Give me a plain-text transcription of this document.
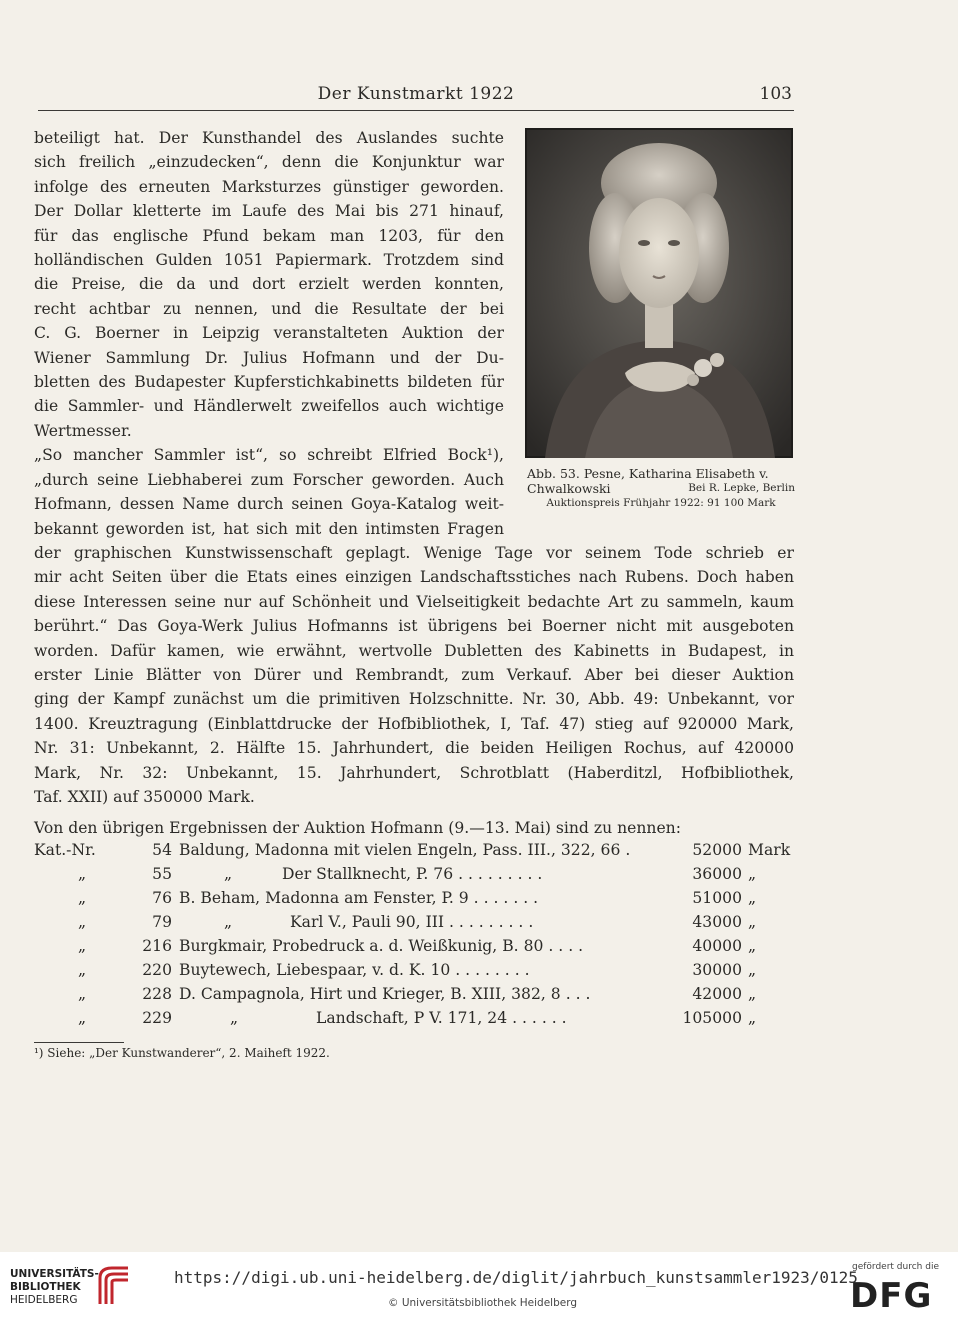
Der Kunstmarkt 1922	103
beteiligt hat. Der Kunsthandel des Auslandes suchte
sich freilich „einzudecken“, denn die Konjunktur war
infolge des erneuten Marksturzes günstiger geworden.
Der Dollar kletterte im Laufe des Mai bis 271 hinauf,
für das englische Pfund bekam man 1203, für den
holländischen Gulden 1051 Papiermark. Trotzdem sind
die Preise, die da und dort erzielt werden konnten,
recht achtbar zu nennen, und die Resultate der bei
C. G. Boerner in Leipzig veranstalteten Auktion der
Wiener Sammlung Dr. Julius Hofmann und der Du-
bletten des Budapester Kupferstichkabinetts bildeten für
die Sammler- und Händlerwelt zweifellos auch wichtige
Wertmesser.
„So mancher Sammler ist“, so schreibt Elfried Bock¹),
„durch seine Liebhaberei zum Forscher geworden. Auch
Hofmann, dessen Name durch seinen Goya-Katalog weit-
bekannt geworden ist, hat sich mit den intimsten Fragen
Abb. 53. Pesne, Katharina Elisabeth v.
Chwalkowski	Bei R. Lepke, Berlin
Auktionspreis Frühjahr 1922: 91 100 Mark
der graphischen Kunstwissenschaft geplagt. Wenige Tage vor seinem Tode schrieb er
mir acht Seiten über die Etats eines einzigen Landschaftsstiches nach Rubens. Doch haben
diese Interessen seine nur auf Schönheit und Vielseitigkeit bedachte Art zu sammeln, kaum
berührt.“ Das Goya-Werk Julius Hofmanns ist übrigens bei Boerner nicht mit ausgeboten
worden. Dafür kamen, wie erwähnt, wertvolle Dubletten des Kabinetts in Budapest, in
erster Linie Blätter von Dürer und Rembrandt, zum Verkauf. Aber bei dieser Auktion
ging der Kampf zunächst um die primitiven Holzschnitte. Nr. 30, Abb. 49: Unbekannt, vor
1400. Kreuztragung (Einblattdrucke der Hofbibliothek, I, Taf. 47) stieg auf 920000 Mark,
Nr. 31: Unbekannt, 2. Hälfte 15. Jahrhundert, die beiden Heiligen Rochus, auf 420000
Mark, Nr. 32: Unbekannt, 15. Jahrhundert, Schrotblatt (Haberditzl, Hofbibliothek,
Taf. XXII) auf 350000 Mark.
Von den übrigen Ergebnissen der Auktion Hofmann (9.—13. Mai) sind zu nennen:
Kat.-Nr.	54 Baldung, Madonna mit vielen Engeln, Pass. III., 322, 66 .	52000 Mark
„	55	„	Der Stallknecht, P. 76 . . . . . . . . .	36000 „
„	76 B. Beham, Madonna am Fenster, P. 9 . . . . . . .	51000 „
„	79	„	Karl V., Pauli 90, III . . . . . . . . .	43000 „
„	216 Burgkmair, Probedruck a. d. Weißkunig, B. 80 . . . .	40000 „
„	220 Buytewech, Liebespaar, v. d. K. 10 . . . . . . . .	30000 „
„	228 D. Campagnola, Hirt und Krieger, B. XIII, 382, 8 . . .	42000 „
„	229	„	Landschaft, P V. 171, 24 . . . . . .	105000 „
¹) Siehe: „Der Kunstwanderer“, 2. Maiheft 1922.
UNIVERSITÄTS-
BIBLIOTHEK
HEIDELBERG
https://digi.ub.uni-heidelberg.de/diglit/jahrbuch_kunstsammler1923/0125
© Universitätsbibliothek Heidelberg
gefördert durch die
DFG
